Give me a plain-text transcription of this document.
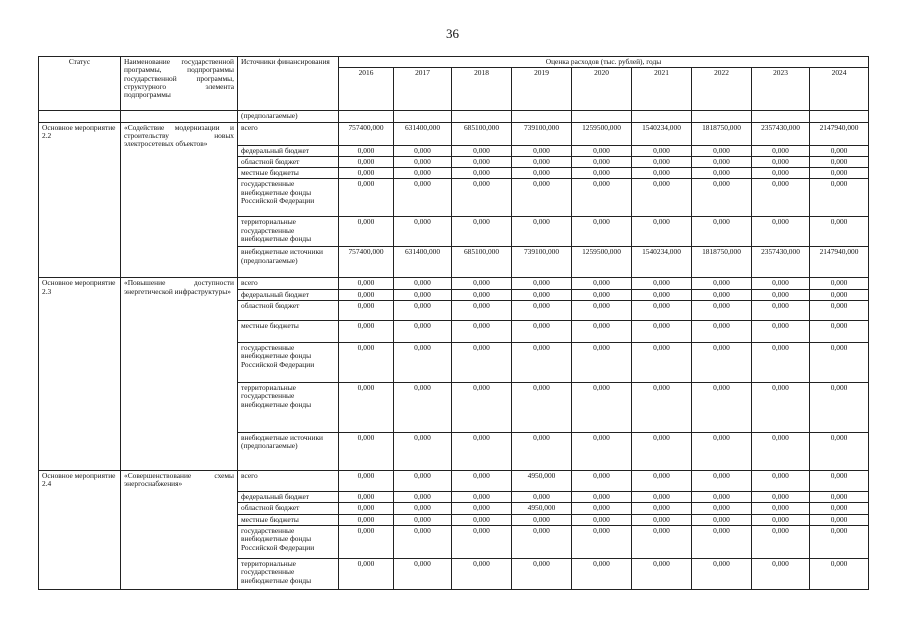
36
Статус	Наименование государственной программы, подпрограммы государственной программы, структурного элемента подпрограммы	Источники финансирования	Оценка расходов (тыс. рублей), годы								
			2016	2017	2018	2019	2020	2021	2022	2023	2024
		(предполагаемые)									
Основное мероприятие 2.2	«Содействие модернизации и строительству новых электросетевых объектов»	всего	757400,000	631400,000	685100,000	739100,000	1259500,000	1540234,000	1818750,000	2357430,000	2147940,000
		федеральный бюджет	0,000	0,000	0,000	0,000	0,000	0,000	0,000	0,000	0,000
		областной бюджет	0,000	0,000	0,000	0,000	0,000	0,000	0,000	0,000	0,000
		местные бюджеты	0,000	0,000	0,000	0,000	0,000	0,000	0,000	0,000	0,000
		государственные внебюджетные фонды Российской Федерации	0,000	0,000	0,000	0,000	0,000	0,000	0,000	0,000	0,000
		территориальные государственные внебюджетные фонды	0,000	0,000	0,000	0,000	0,000	0,000	0,000	0,000	0,000
		внебюджетные источники (предполагаемые)	757400,000	631400,000	685100,000	739100,000	1259500,000	1540234,000	1818750,000	2357430,000	2147940,000
Основное мероприятие 2.3	«Повышение доступности энергетической инфраструктуры»	всего	0,000	0,000	0,000	0,000	0,000	0,000	0,000	0,000	0,000
		федеральный бюджет	0,000	0,000	0,000	0,000	0,000	0,000	0,000	0,000	0,000
		областной бюджет	0,000	0,000	0,000	0,000	0,000	0,000	0,000	0,000	0,000
		местные бюджеты	0,000	0,000	0,000	0,000	0,000	0,000	0,000	0,000	0,000
		государственные внебюджетные фонды Российской Федерации	0,000	0,000	0,000	0,000	0,000	0,000	0,000	0,000	0,000
		территориальные государственные внебюджетные фонды	0,000	0,000	0,000	0,000	0,000	0,000	0,000	0,000	0,000
		внебюджетные источники (предполагаемые)	0,000	0,000	0,000	0,000	0,000	0,000	0,000	0,000	0,000
Основное мероприятие 2.4	«Совершенствование схемы энергоснабжения»	всего	0,000	0,000	0,000	4950,000	0,000	0,000	0,000	0,000	0,000
		федеральный бюджет	0,000	0,000	0,000	0,000	0,000	0,000	0,000	0,000	0,000
		областной бюджет	0,000	0,000	0,000	4950,000	0,000	0,000	0,000	0,000	0,000
		местные бюджеты	0,000	0,000	0,000	0,000	0,000	0,000	0,000	0,000	0,000
		государственные внебюджетные фонды Российской Федерации	0,000	0,000	0,000	0,000	0,000	0,000	0,000	0,000	0,000
		территориальные государственные внебюджетные фонды	0,000	0,000	0,000	0,000	0,000	0,000	0,000	0,000	0,000
